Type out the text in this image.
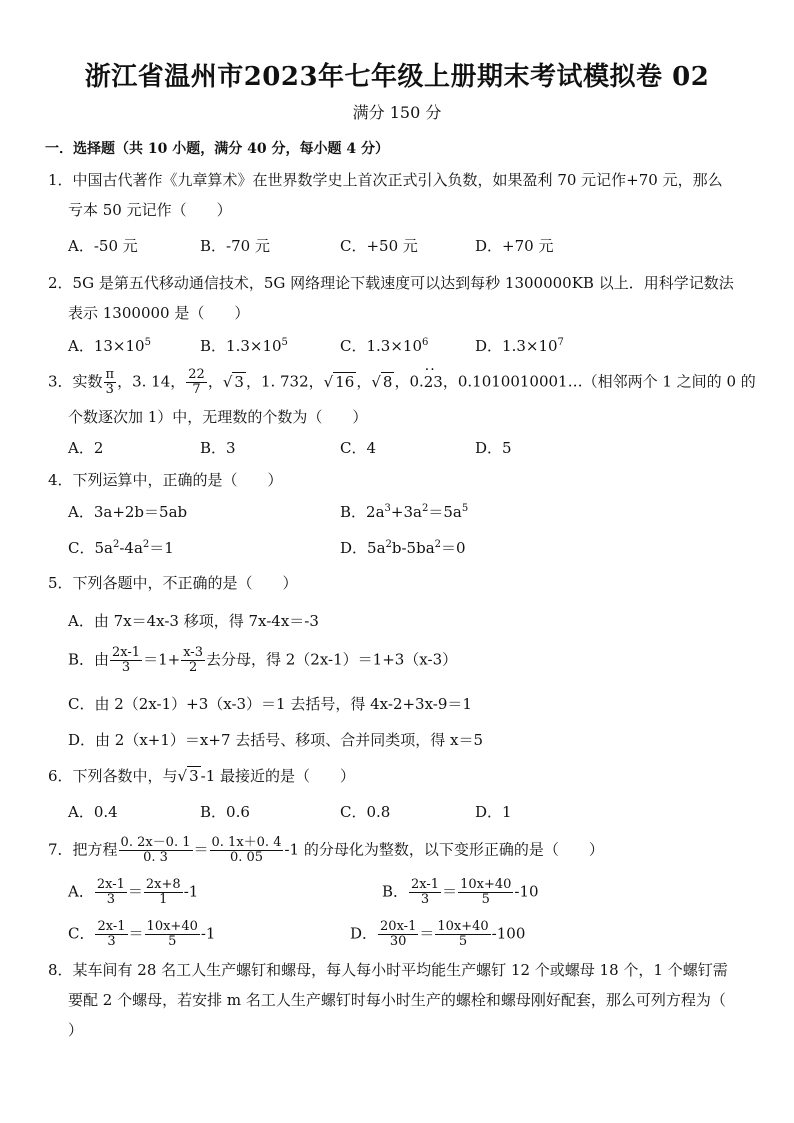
浙江省温州市2023年七年级上册期末考试模拟卷 02
满分 150 分
一．选择题（共 10 小题，满分 40 分，每小题 4 分）
1．中国古代著作《九章算术》在世界数学史上首次正式引入负数，如果盈利 70 元记作+70 元，那么
亏本 50 元记作（　　）
A．-50 元	B．-70 元	C．+50 元	D．+70 元
2．5G 是第五代移动通信技术，5G 网络理论下载速度可以达到每秒 1300000KB 以上．用科学记数法
表示 1300000 是（　　）
A．$13\times 10^5$	B．$1.3\times 10^5$	C．$1.3\times 10^6$	D．$1.3\times 10^7$
3．实数 $\frac{\pi}{3}$ ，3. 14， $\frac{22}{7}$ ，√ 3 ，1. 732，√ 16 ，√ 8 ，0.·· 23，0.1010010001…（相邻两个 1 之间的 0 的
个数逐次加 1）中，无理数的个数为（　　）
A．2	B．3	C．4	D．5
4．下列运算中，正确的是（　　）
A．3a+2b＝5ab	B．$2a^3+3a^2=5a^5$
C．$5a^2-4a^2=1$	D．$5a^2b-5ba^2=0$
5．下列各题中，不正确的是（　　）
A．由 7x＝4x-3 移项，得 7x-4x＝-3
B．由 $\frac{2x-1}{3} =1+ \frac{x-3}{2}$ 去分母，得 2（2x-1）＝1+3（x-3）
C．由 2（2x-1）+3（x-3）＝1 去括号，得 4x-2+3x-9＝1
D．由 2（x+1）＝x+7 去括号、移项、合并同类项，得 x＝5
6．下列各数中，与√ 3 -1 最接近的是（　　）
A．0.4	B．0.6	C．0.8	D．1
7．把方程 $\frac{0. 2x-0. 1}{0. 3} = \frac{0. 1x+0. 4}{0. 05} -1$ 的分母化为整数，以下变形正确的是（　　）
A． $\frac{2x-1}{3} = \frac{2x+8}{1} -1$	B． $\frac{2x-1}{3} = \frac{10x+40}{5} -10$
C． $\frac{2x-1}{3} = \frac{10x+40}{5} -1$	D． $\frac{20x-1}{30} = \frac{10x+40}{5} -100$
8．某车间有 28 名工人生产螺钉和螺母，每人每小时平均能生产螺钉 12 个或螺母 18 个，1 个螺钉需
要配 2 个螺母，若安排 m 名工人生产螺钉时每小时生产的螺栓和螺母刚好配套，那么可列方程为（
）
